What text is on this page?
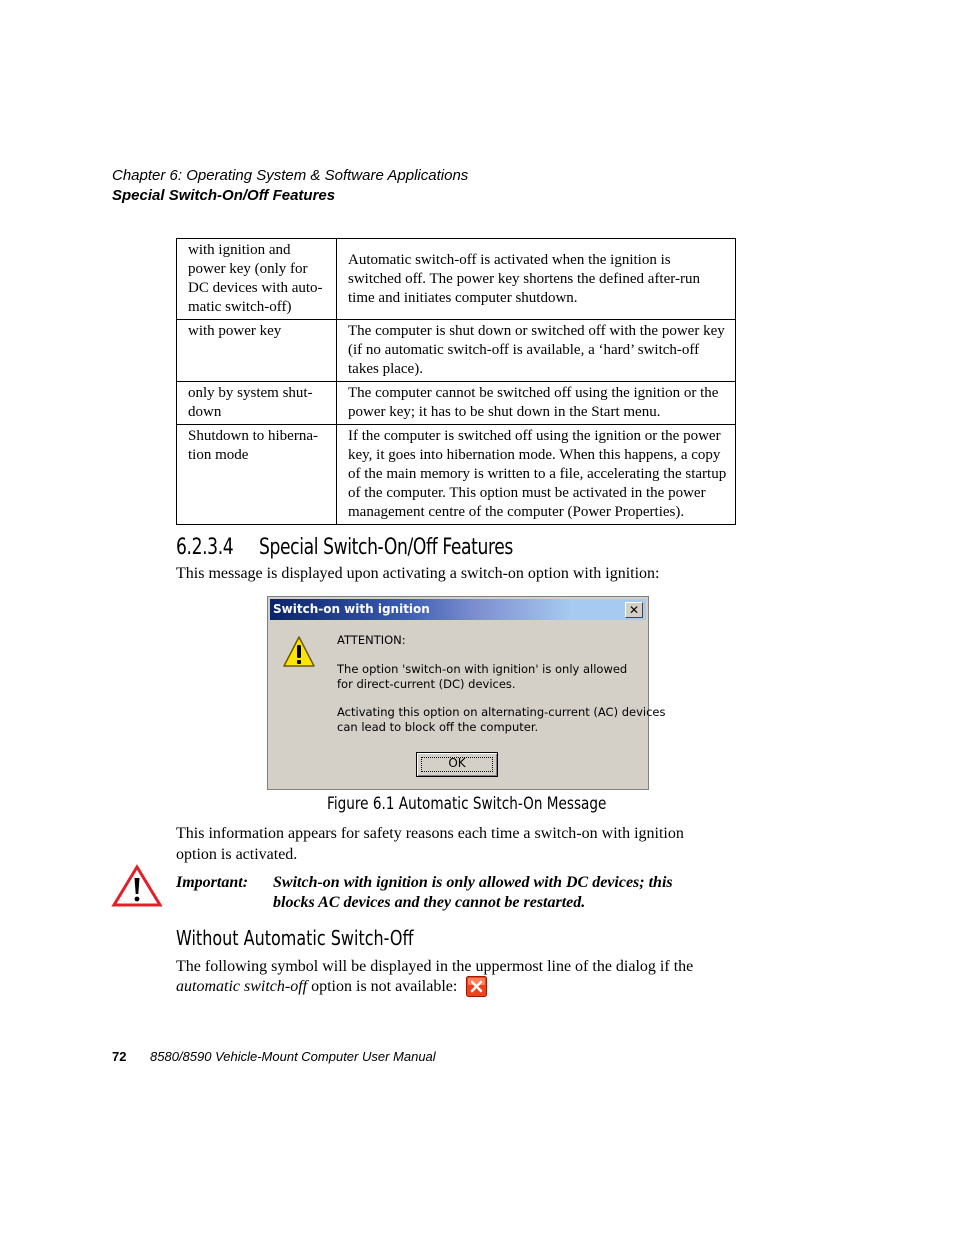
Chapter 6: Operating System & Software Applications
Special Switch-On/Off Features
with ignition and power key (only for DC devices with auto-matic switch-off)	Automatic switch-off is activated when the ignition is switched off. The power key shortens the defined after-run time and initiates computer shutdown.
with power key	The computer is shut down or switched off with the power key (if no automatic switch-off is available, a ‘hard’ switch-off takes place).
only by system shut-down	The computer cannot be switched off using the ignition or the power key; it has to be shut down in the Start menu.
Shutdown to hiberna-tion mode	If the computer is switched off using the ignition or the power key, it goes into hibernation mode. When this happens, a copy of the main memory is written to a file, accelerating the startup of the computer. This option must be activated in the power management centre of the computer (Power Properties).
6.2.3.4 Special Switch-On/Off Features
This message is displayed upon activating a switch-on option with ignition:
Switch-on with ignition	✕
ATTENTION:
The option 'switch-on with ignition' is only allowed
for direct-current (DC) devices.
Activating this option on alternating-current (AC) devices
can lead to block off the computer.
OK
Figure 6.1 Automatic Switch-On Message
This information appears for safety reasons each time a switch-on with ignition
option is activated.
Important: Switch-on with ignition is only allowed with DC devices; this
blocks AC devices and they cannot be restarted.
Without Automatic Switch-Off
The following symbol will be displayed in the uppermost line of the dialog if the
automatic switch-off option is not available:
72 8580/8590 Vehicle-Mount Computer User Manual
